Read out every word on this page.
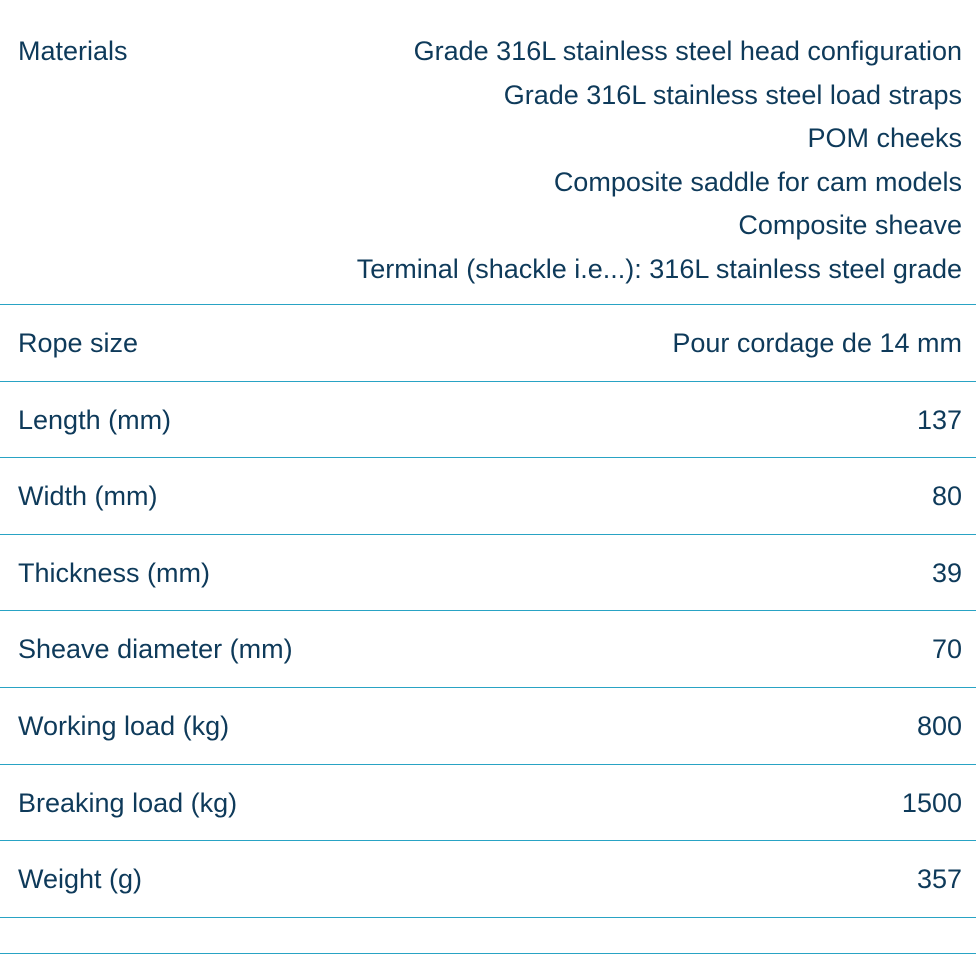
Materials	Grade 316L stainless steel head configuration
Grade 316L stainless steel load straps
POM cheeks
Composite saddle for cam models
Composite sheave
Terminal (shackle i.e...): 316L stainless steel grade
Rope size	Pour cordage de 14 mm
Length (mm)	137
Width (mm)	80
Thickness (mm)	39
Sheave diameter (mm)	70
Working load (kg)	800
Breaking load (kg)	1500
Weight (g)	357
